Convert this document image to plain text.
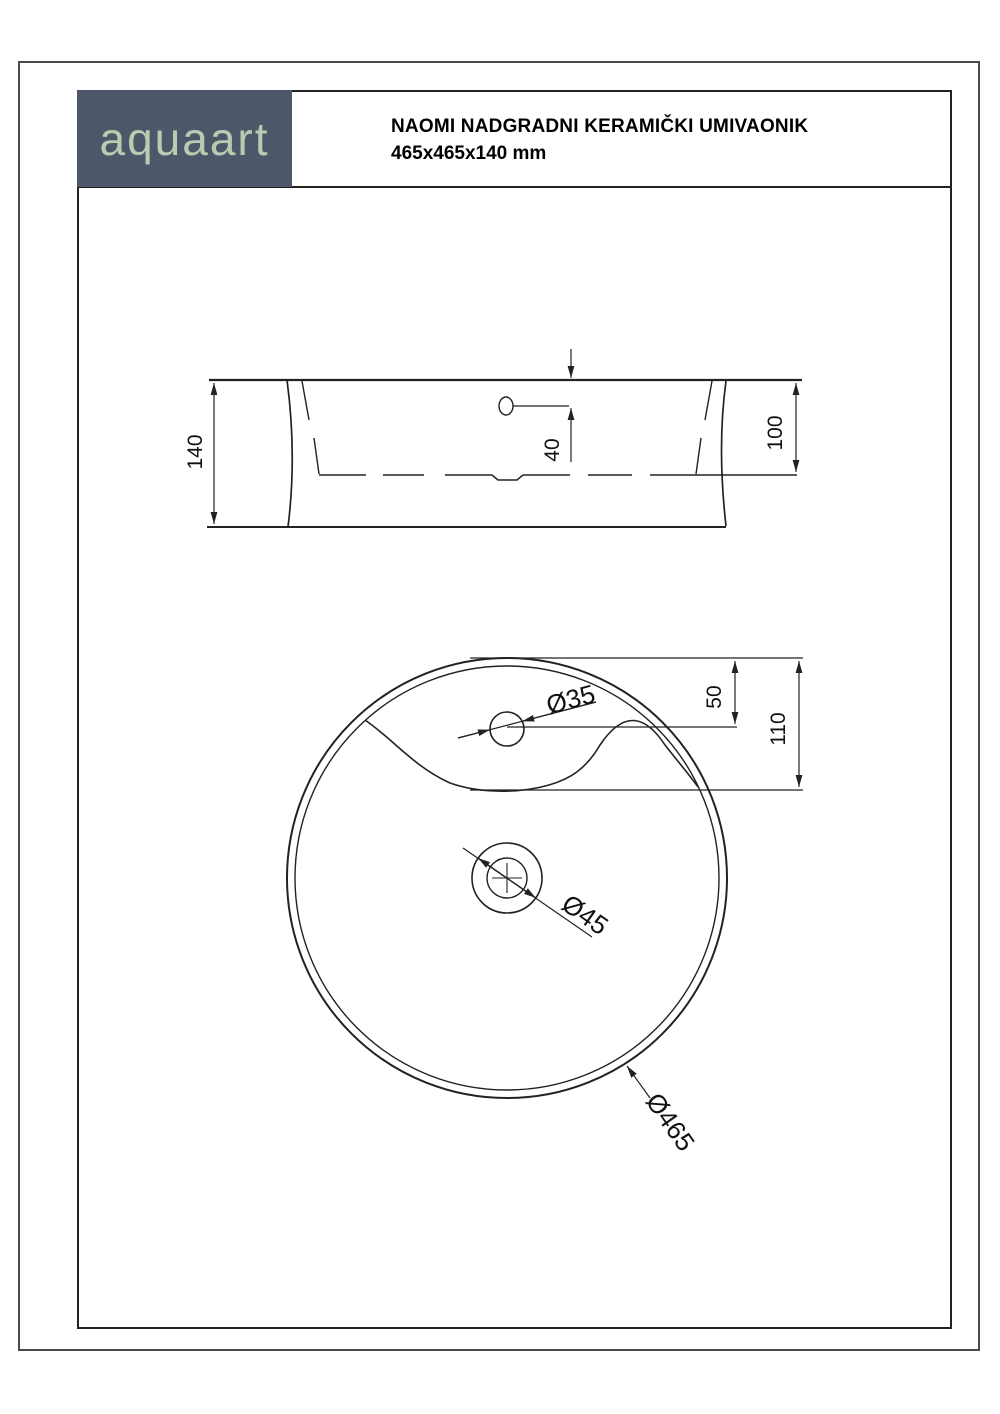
aquaart	NAOMI NADGRADNI KERAMIČKI UMIVAONIK
465x465x140 mm
140	40	100
Ø35	50
110
Ø45
Ø465
